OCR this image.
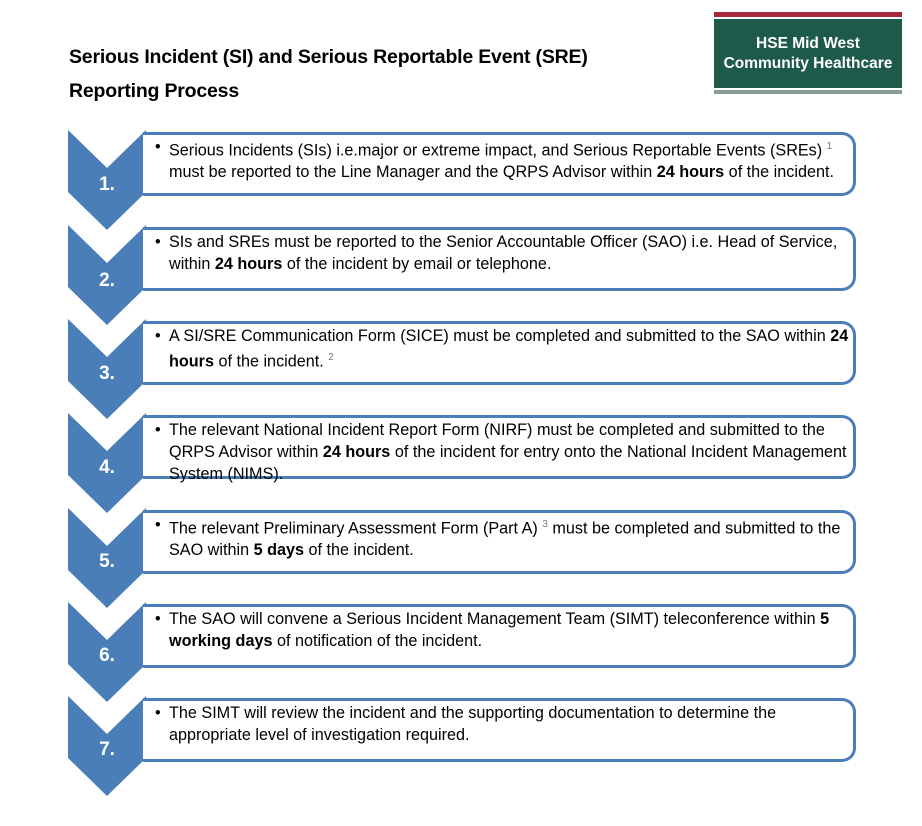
Serious Incident (SI) and Serious Reportable Event (SRE)
Reporting Process
HSE Mid West
Community Healthcare
1.
• Serious Incidents (SIs) i.e.major or extreme impact, and Serious Reportable Events (SREs) $^1$ must be reported to the Line Manager and the QRPS Advisor within 24 hours of the incident.
2.
• SIs and SREs must be reported to the Senior Accountable Officer (SAO) i.e. Head of Service, within 24 hours of the incident by email or telephone.
3.
• A SI/SRE Communication Form (SICE) must be completed and submitted to the SAO within 24 hours of the incident. $^2$
4.
• The relevant National Incident Report Form (NIRF) must be completed and submitted to the QRPS Advisor within 24 hours of the incident for entry onto the National Incident Management System (NIMS).
5.
• The relevant Preliminary Assessment Form (Part A) $^3$ must be completed and submitted to the SAO within 5 days of the incident.
6.
• The SAO will convene a Serious Incident Management Team (SIMT) teleconference within 5 working days of notification of the incident.
7.
• The SIMT will review the incident and the supporting documentation to determine the appropriate level of investigation required.
